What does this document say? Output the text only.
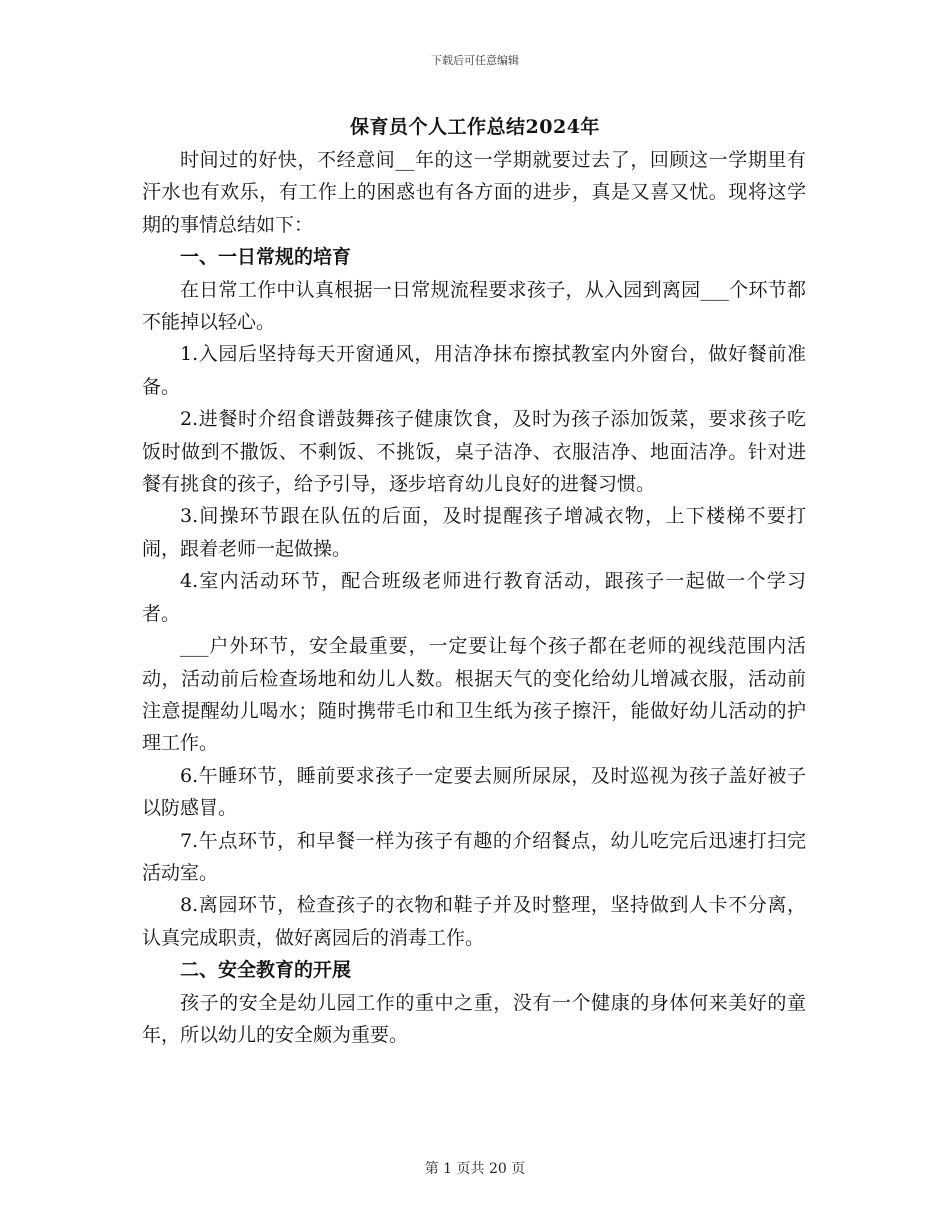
下载后可任意编辑
保育员个人工作总结2024年

时间过的好快，不经意间__年的这一学期就要过去了，回顾这一学期里有汗水也有欢乐，有工作上的困惑也有各方面的进步，真是又喜又忧。现将这学期的事情总结如下：

一、一日常规的培育

在日常工作中认真根据一日常规流程要求孩子，从入园到离园___个环节都不能掉以轻心。

1.入园后坚持每天开窗通风，用洁净抹布擦拭教室内外窗台，做好餐前准备。

2.进餐时介绍食谱鼓舞孩子健康饮食，及时为孩子添加饭菜，要求孩子吃饭时做到不撒饭、不剩饭、不挑饭，桌子洁净、衣服洁净、地面洁净。针对进餐有挑食的孩子，给予引导，逐步培育幼儿良好的进餐习惯。

3.间操环节跟在队伍的后面，及时提醒孩子增减衣物，上下楼梯不要打闹，跟着老师一起做操。

4.室内活动环节，配合班级老师进行教育活动，跟孩子一起做一个学习者。

___户外环节，安全最重要，一定要让每个孩子都在老师的视线范围内活动，活动前后检查场地和幼儿人数。根据天气的变化给幼儿增减衣服，活动前注意提醒幼儿喝水；随时携带毛巾和卫生纸为孩子擦汗，能做好幼儿活动的护理工作。

6.午睡环节，睡前要求孩子一定要去厕所尿尿，及时巡视为孩子盖好被子以防感冒。

7.午点环节，和早餐一样为孩子有趣的介绍餐点，幼儿吃完后迅速打扫完活动室。

8.离园环节，检查孩子的衣物和鞋子并及时整理，坚持做到人卡不分离，认真完成职责，做好离园后的消毒工作。

二、安全教育的开展

孩子的安全是幼儿园工作的重中之重，没有一个健康的身体何来美好的童年，所以幼儿的安全颇为重要。

第 1 页共 20 页
